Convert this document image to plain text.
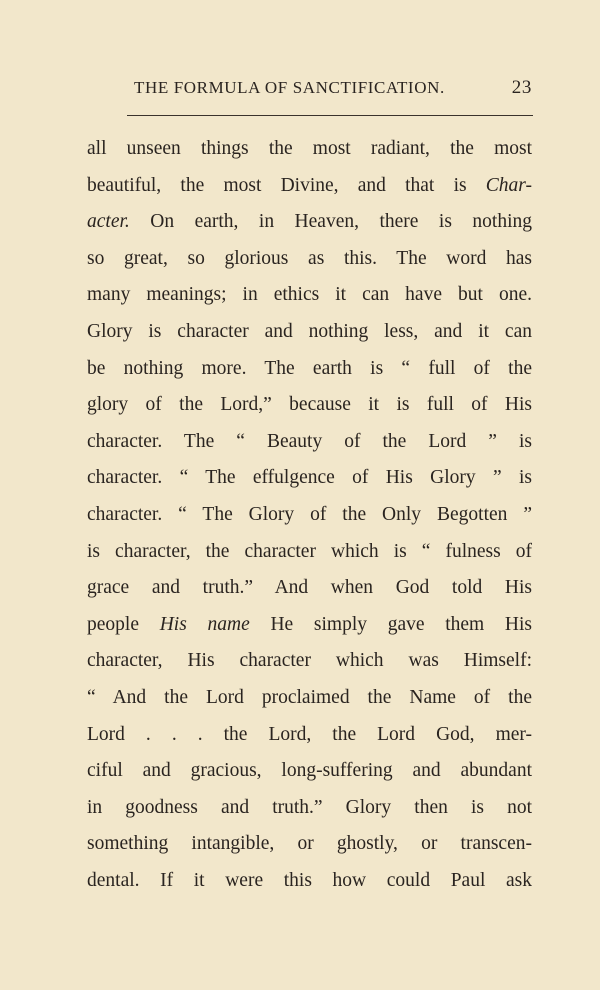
THE FORMULA OF SANCTIFICATION.	23
all unseen things the most radiant, the most
beautiful, the most Divine, and that is Char-
acter. On earth, in Heaven, there is nothing
so great, so glorious as this. The word has
many meanings; in ethics it can have but one.
Glory is character and nothing less, and it can
be nothing more. The earth is “ full of the
glory of the Lord,” because it is full of His
character. The “ Beauty of the Lord ” is
character. “ The effulgence of His Glory ” is
character. “ The Glory of the Only Begotten ”
is character, the character which is “ fulness of
grace and truth.” And when God told His
people His name He simply gave them His
character, His character which was Himself:
“ And the Lord proclaimed the Name of the
Lord . . . the Lord, the Lord God, mer-
ciful and gracious, long-suffering and abundant
in goodness and truth.” Glory then is not
something intangible, or ghostly, or transcen-
dental. If it were this how could Paul ask
